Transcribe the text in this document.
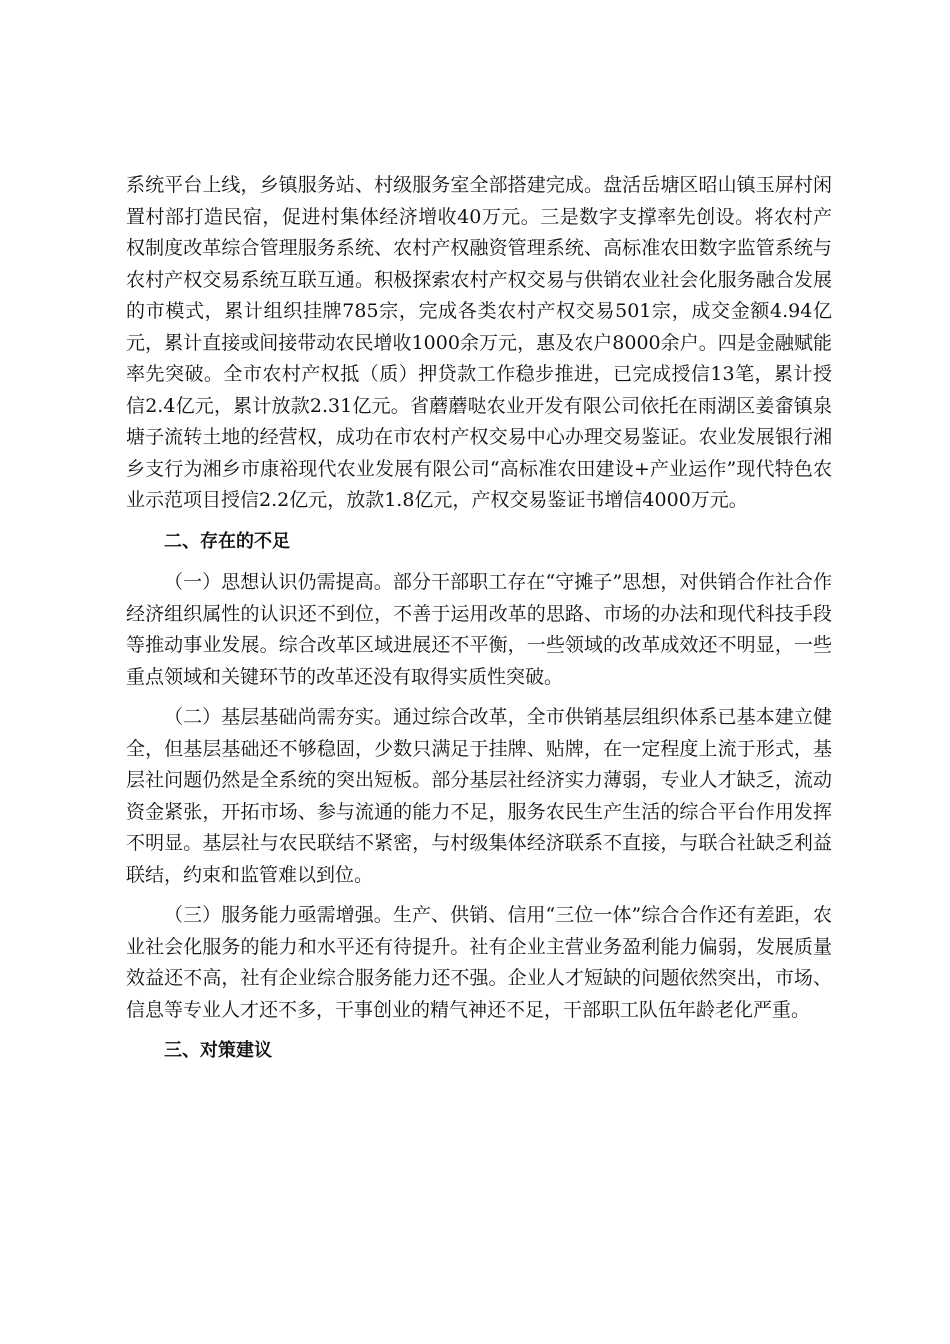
系统平台上线，乡镇服务站、村级服务室全部搭建完成。盘活岳塘区昭山镇玉屏村闲置村部打造民宿，促进村集体经济增收40万元。三是数字支撑率先创设。将农村产权制度改革综合管理服务系统、农村产权融资管理系统、高标准农田数字监管系统与农村产权交易系统互联互通。积极探索农村产权交易与供销农业社会化服务融合发展的市模式，累计组织挂牌785宗，完成各类农村产权交易501宗，成交金额4.94亿元，累计直接或间接带动农民增收1000余万元，惠及农户8000余户。四是金融赋能率先突破。全市农村产权抵（质）押贷款工作稳步推进，已完成授信13笔，累计授信2.4亿元，累计放款2.31亿元。省蘑蘑哒农业开发有限公司依托在雨湖区姜畲镇泉塘子流转土地的经营权，成功在市农村产权交易中心办理交易鉴证。农业发展银行湘乡支行为湘乡市康裕现代农业发展有限公司“高标准农田建设+产业运作”现代特色农业示范项目授信2.2亿元，放款1.8亿元，产权交易鉴证书增信4000万元。

二、存在的不足

（一）思想认识仍需提高。部分干部职工存在“守摊子”思想，对供销合作社合作经济组织属性的认识还不到位，不善于运用改革的思路、市场的办法和现代科技手段等推动事业发展。综合改革区域进展还不平衡，一些领域的改革成效还不明显，一些重点领域和关键环节的改革还没有取得实质性突破。

（二）基层基础尚需夯实。通过综合改革，全市供销基层组织体系已基本建立健全，但基层基础还不够稳固，少数只满足于挂牌、贴牌，在一定程度上流于形式，基层社问题仍然是全系统的突出短板。部分基层社经济实力薄弱，专业人才缺乏，流动资金紧张，开拓市场、参与流通的能力不足，服务农民生产生活的综合平台作用发挥不明显。基层社与农民联结不紧密，与村级集体经济联系不直接，与联合社缺乏利益联结，约束和监管难以到位。

（三）服务能力亟需增强。生产、供销、信用“三位一体”综合合作还有差距，农业社会化服务的能力和水平还有待提升。社有企业主营业务盈利能力偏弱，发展质量效益还不高，社有企业综合服务能力还不强。企业人才短缺的问题依然突出，市场、信息等专业人才还不多，干事创业的精气神还不足，干部职工队伍年龄老化严重。

三、对策建议
